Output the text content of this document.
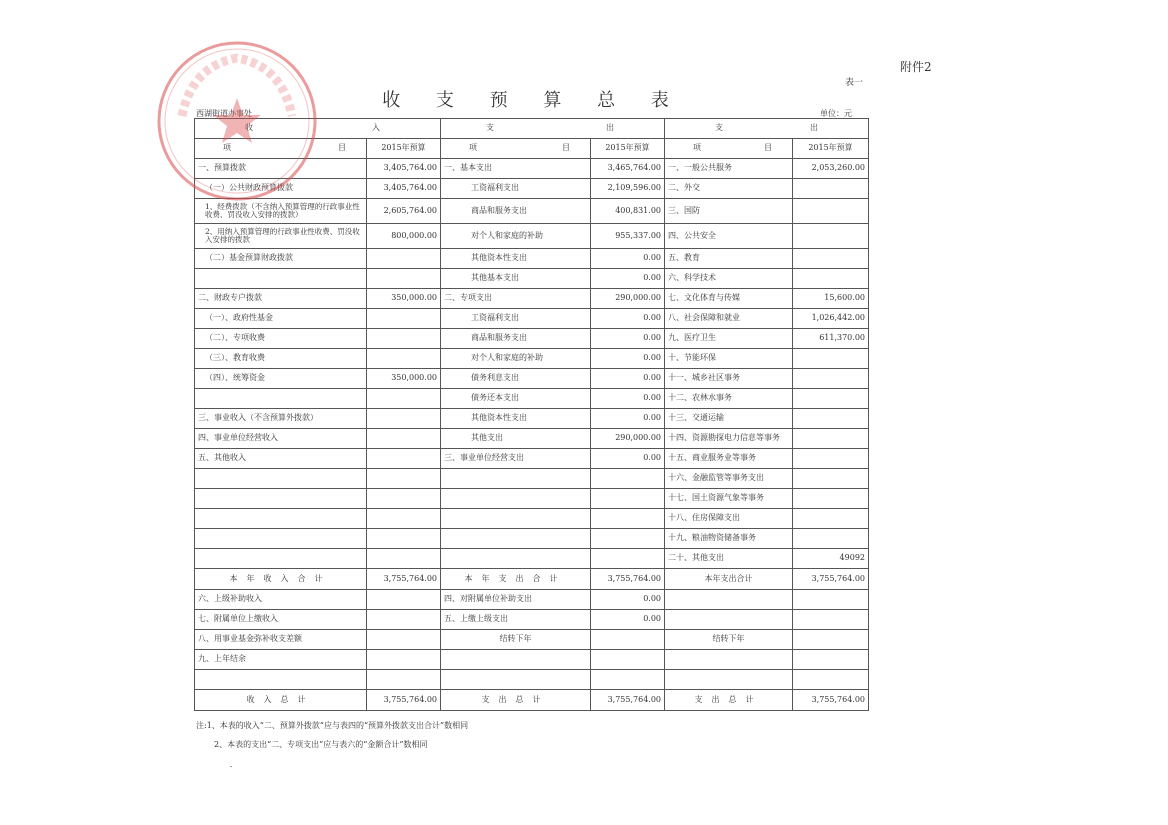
附件2
表一
收 支 预 算 总 表
西湖街道办事处	单位：元
收 入		支 出		支 出	

项 目	2015年预算	项 目	2015年预算	项 目	2015年预算
一、预算拨款	3,405,764.00	一、基本支出	3,465,764.00	一、一般公共服务	2,053,260.00
（一）公共财政预算拨款	3,405,764.00	工资福利支出	2,109,596.00	二、外交	
1、经费拨款（不含纳入预算管理的行政事业性收费、罚没收入安排的拨款）	2,605,764.00	商品和服务支出	400,831.00	三、国防	
2、用纳入预算管理的行政事业性收费、罚没收入安排的拨款	800,000.00	对个人和家庭的补助	955,337.00	四、公共安全	
（二）基金预算财政拨款		其他资本性支出	0.00	五、教育	
		其他基本支出	0.00	六、科学技术	
二、财政专户拨款	350,000.00	二、专项支出	290,000.00	七、文化体育与传媒	15,600.00
（一）、政府性基金		工资福利支出	0.00	八、社会保障和就业	1,026,442.00
（二）、专项收费		商品和服务支出	0.00	九、医疗卫生	611,370.00
（三）、教育收费		对个人和家庭的补助	0.00	十、节能环保	
（四）、统筹资金	350,000.00	债务利息支出	0.00	十一、城乡社区事务	
		债务还本支出	0.00	十二、农林水事务	
三、事业收入（不含预算外拨款）		其他资本性支出	0.00	十三、交通运输	
四、事业单位经营收入		其他支出	290,000.00	十四、资源勘探电力信息等事务	
五、其他收入		三、事业单位经营支出	0.00	十五、商业服务业等事务	
				十六、金融监管等事务支出	
				十七、国土资源气象等事务	
				十八、住房保障支出	
				十九、粮油物资储备事务	
				二十、其他支出	49092
本年收入合计	3,755,764.00	本年支出合计	3,755,764.00	本年支出合计	3,755,764.00
六、上级补助收入		四、对附属单位补助支出	0.00		
七、附属单位上缴收入		五、上缴上级支出	0.00		
八、用事业基金弥补收支差额		结转下年		结转下年	
九、上年结余					

收入总计	3,755,764.00	支出总计	3,755,764.00	支出总计	3,755,764.00
注:1、本表的收入“二、预算外拨款”应与表四的“预算外拨款支出合计”数相同
2、本表的支出“二、专项支出”应与表六的“金额合计”数相同
